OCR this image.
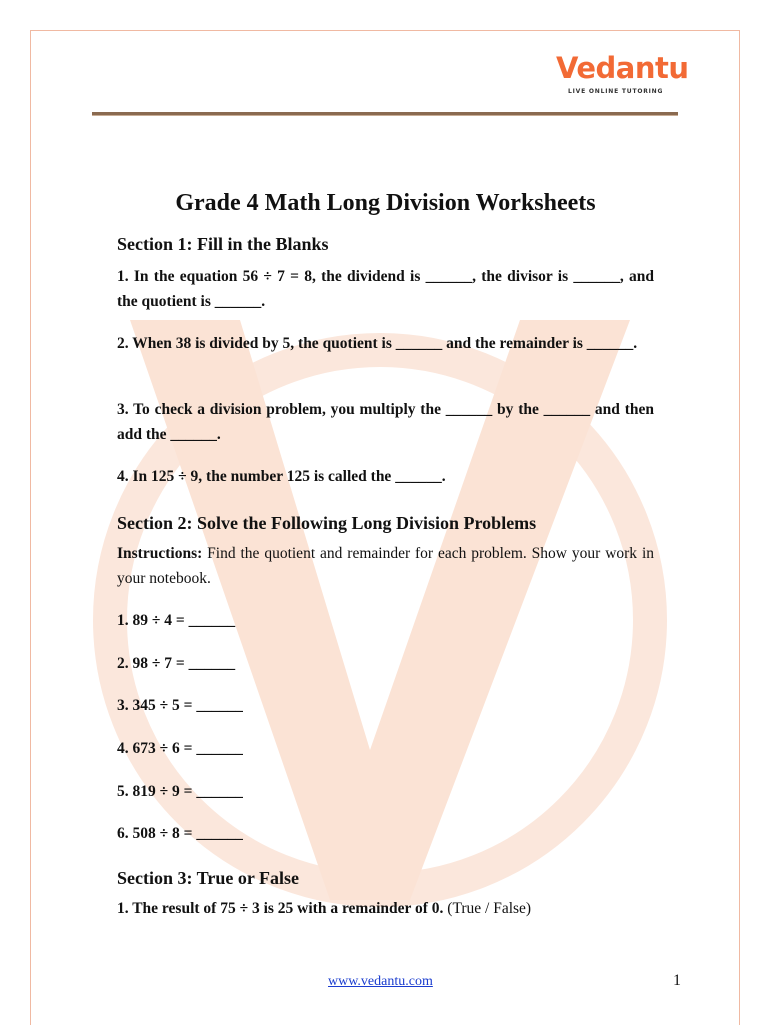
Vedantu
LIVE ONLINE TUTORING
Grade 4 Math Long Division Worksheets
Section 1: Fill in the Blanks

1. In the equation 56 ÷ 7 = 8, the dividend is ______, the divisor is ______, and the quotient is ______.

2. When 38 is divided by 5, the quotient is ______ and the remainder is ______.

3. To check a division problem, you multiply the ______ by the ______ and then add the ______.

4. In 125 ÷ 9, the number 125 is called the ______.

Section 2: Solve the Following Long Division Problems

Instructions: Find the quotient and remainder for each problem. Show your work in your notebook.

1. 89 ÷ 4 = ______

2. 98 ÷ 7 = ______

3. 345 ÷ 5 = ______

4. 673 ÷ 6 = ______

5. 819 ÷ 9 = ______

6. 508 ÷ 8 = ______

Section 3: True or False

1. The result of 75 ÷ 3 is 25 with a remainder of 0. (True / False)

www.vedantu.com	1
